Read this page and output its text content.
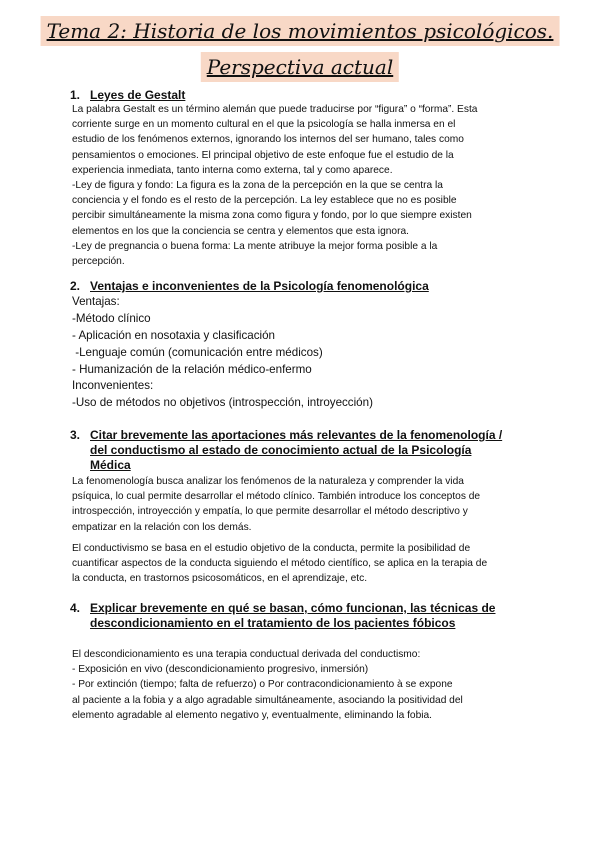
Tema 2: Historia de los movimientos psicológicos.
Perspectiva actual
1. Leyes de Gestalt
La palabra Gestalt es un término alemán que puede traducirse por “figura” o “forma”. Esta
corriente surge en un momento cultural en el que la psicología se halla inmersa en el
estudio de los fenómenos externos, ignorando los internos del ser humano, tales como
pensamientos o emociones. El principal objetivo de este enfoque fue el estudio de la
experiencia inmediata, tanto interna como externa, tal y como aparece.
-Ley de figura y fondo: La figura es la zona de la percepción en la que se centra la
conciencia y el fondo es el resto de la percepción. La ley establece que no es posible
percibir simultáneamente la misma zona como figura y fondo, por lo que siempre existen
elementos en los que la conciencia se centra y elementos que esta ignora.
-Ley de pregnancia o buena forma: La mente atribuye la mejor forma posible a la
percepción.
2. Ventajas e inconvenientes de la Psicología fenomenológica
Ventajas:
-Método clínico
- Aplicación en nosotaxia y clasificación
-Lenguaje común (comunicación entre médicos)
- Humanización de la relación médico-enfermo
Inconvenientes:
-Uso de métodos no objetivos (introspección, introyección)
3. Citar brevemente las aportaciones más relevantes de la fenomenología /
del conductismo al estado de conocimiento actual de la Psicología
Médica
La fenomenología busca analizar los fenómenos de la naturaleza y comprender la vida
psíquica, lo cual permite desarrollar el método clínico. También introduce los conceptos de
introspección, introyección y empatía, lo que permite desarrollar el método descriptivo y
empatizar en la relación con los demás.
El conductivismo se basa en el estudio objetivo de la conducta, permite la posibilidad de
cuantificar aspectos de la conducta siguiendo el método científico, se aplica en la terapia de
la conducta, en trastornos psicosomáticos, en el aprendizaje, etc.
4. Explicar brevemente en qué se basan, cómo funcionan, las técnicas de
descondicionamiento en el tratamiento de los pacientes fóbicos
El descondicionamiento es una terapia conductual derivada del conductismo:
- Exposición en vivo (descondicionamiento progresivo, inmersión)
- Por extinción (tiempo; falta de refuerzo) o Por contracondicionamiento à se expone
al paciente a la fobia y a algo agradable simultáneamente, asociando la positividad del
elemento agradable al elemento negativo y, eventualmente, eliminando la fobia.
